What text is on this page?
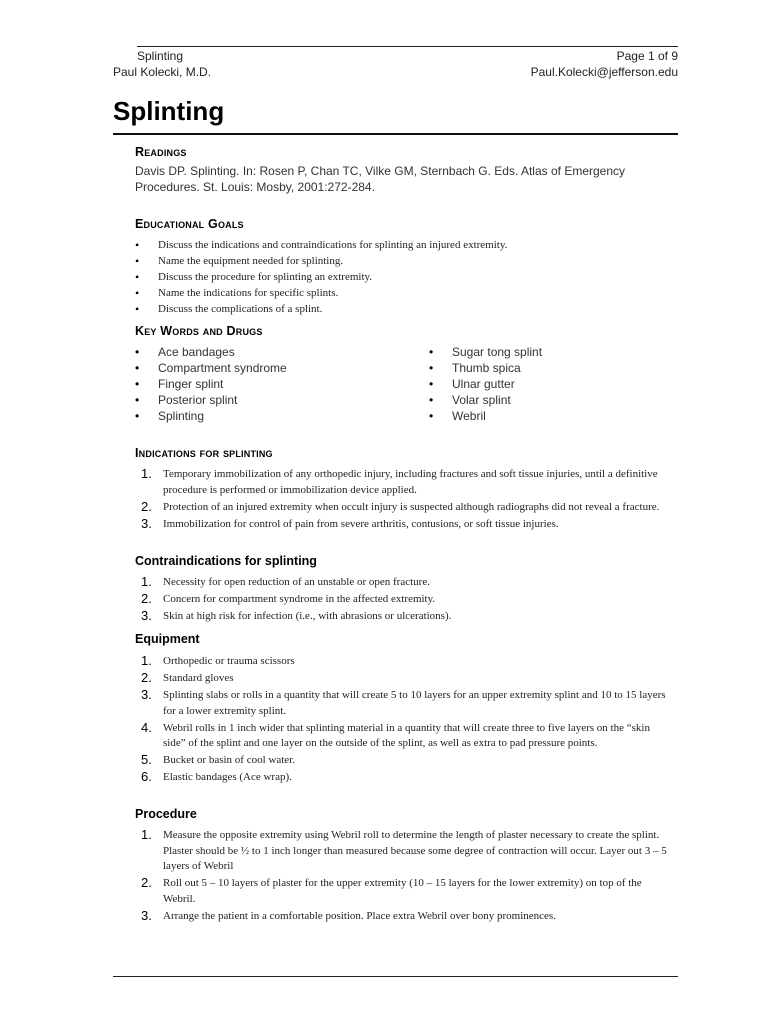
Splinting
Paul Kolecki, M.D.
Page 1 of 9
Paul.Kolecki@jefferson.edu
Splinting
Readings
Davis DP. Splinting. In: Rosen P, Chan TC, Vilke GM, Sternbach G. Eds. Atlas of Emergency Procedures. St. Louis: Mosby, 2001:272-284.
Educational Goals
• Discuss the indications and contraindications for splinting an injured extremity.
• Name the equipment needed for splinting.
• Discuss the procedure for splinting an extremity.
• Name the indications for specific splints.
• Discuss the complications of a splint.
Key Words and Drugs
• Ace bandages
• Compartment syndrome
• Finger splint
• Posterior splint
• Splinting
• Sugar tong splint
• Thumb spica
• Ulnar gutter
• Volar splint
• Webril
Indications for splinting
1. Temporary immobilization of any orthopedic injury, including fractures and soft tissue injuries, until a definitive procedure is performed or immobilization device applied.
2. Protection of an injured extremity when occult injury is suspected although radiographs did not reveal a fracture.
3. Immobilization for control of pain from severe arthritis, contusions, or soft tissue injuries.
Contraindications for splinting
1. Necessity for open reduction of an unstable or open fracture.
2. Concern for compartment syndrome in the affected extremity.
3. Skin at high risk for infection (i.e., with abrasions or ulcerations).
Equipment
1. Orthopedic or trauma scissors
2. Standard gloves
3. Splinting slabs or rolls in a quantity that will create 5 to 10 layers for an upper extremity splint and 10 to 15 layers for a lower extremity splint.
4. Webril rolls in 1 inch wider that splinting material in a quantity that will create three to five layers on the “skin side” of the splint and one layer on the outside of the splint, as well as extra to pad pressure points.
5. Bucket or basin of cool water.
6. Elastic bandages (Ace wrap).
Procedure
1. Measure the opposite extremity using Webril roll to determine the length of plaster necessary to create the splint. Plaster should be ½ to 1 inch longer than measured because some degree of contraction will occur. Layer out 3 – 5 layers of Webril
2. Roll out 5 – 10 layers of plaster for the upper extremity (10 – 15 layers for the lower extremity) on top of the Webril.
3. Arrange the patient in a comfortable position. Place extra Webril over bony prominences.
